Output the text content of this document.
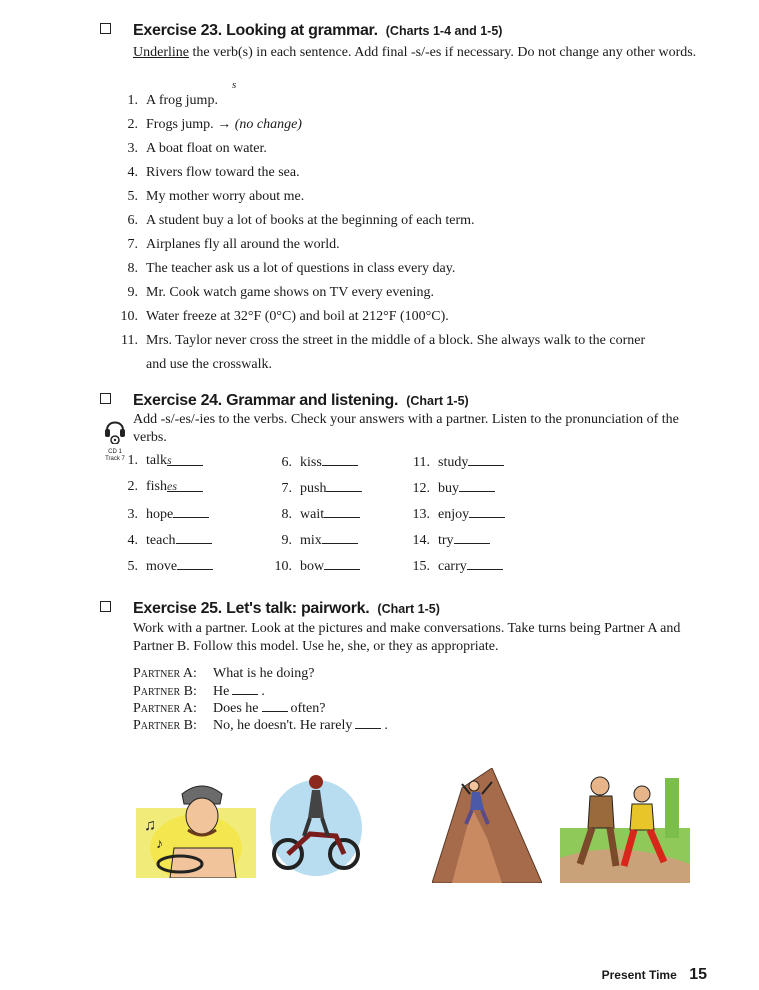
Exercise 23. Looking at grammar. (Charts 1-4 and 1-5)
Underline the verb(s) in each sentence. Add final -s/-es if necessary. Do not change any other words.
1. A frog jump.
2. Frogs jump. → (no change)
3. A boat float on water.
4. Rivers flow toward the sea.
5. My mother worry about me.
6. A student buy a lot of books at the beginning of each term.
7. Airplanes fly all around the world.
8. The teacher ask us a lot of questions in class every day.
9. Mr. Cook watch game shows on TV every evening.
10. Water freeze at 32°F (0°C) and boil at 212°F (100°C).
11. Mrs. Taylor never cross the street in the middle of a block. She always walk to the corner
and use the crosswalk.
s
Exercise 24. Grammar and listening. (Chart 1-5)
Add -s/-es/-ies to the verbs. Check your answers with a partner. Listen to the pronunciation of the verbs.
CD 1
Track 7 1. talks
2. fishes
3. hope
4. teach
5. move
6. kiss
7. push
8. wait
9. mix
10. bow
11. study
12. buy
13. enjoy
14. try
15. carry
Exercise 25. Let's talk: pairwork. (Chart 1-5)
Work with a partner. Look at the pictures and make conversations. Take turns being Partner A and Partner B. Follow this model. Use he, she, or they as appropriate.
Partner A: What is he doing?
Partner B: He .
Partner A: Does he often?
Partner B: No, he doesn't. He rarely .
♫
♪
Present Time 15
